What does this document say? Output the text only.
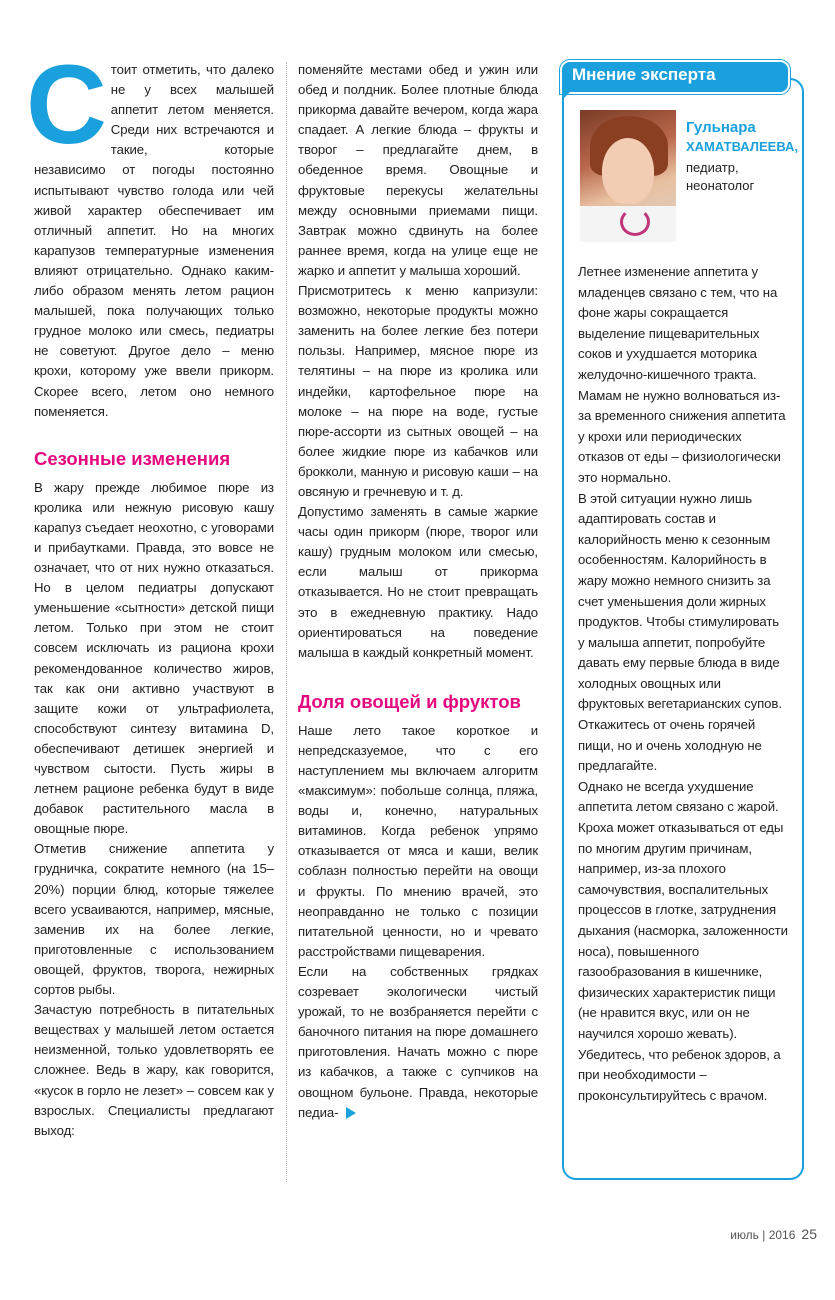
Стоит отметить, что далеко не у всех малышей аппетит летом меняется. Среди них встречаются и такие, которые независимо от погоды постоянно испытывают чувство голода или чей живой характер обеспечивает им отличный аппетит. Но на многих карапузов температурные изменения влияют отрицательно. Однако каким-либо образом менять летом рацион малышей, пока получающих только грудное молоко или смесь, педиатры не советуют. Другое дело – меню крохи, которому уже ввели прикорм. Скорее всего, летом оно немного поменяется.

Сезонные изменения

В жару прежде любимое пюре из кролика или нежную рисовую кашу карапуз съедает неохотно, с уговорами и прибаутками. Правда, это вовсе не означает, что от них нужно отказаться. Но в целом педиатры допускают уменьшение «сытности» детской пищи летом. Только при этом не стоит совсем исключать из рациона крохи рекомендованное количество жиров, так как они активно участвуют в защите кожи от ультрафиолета, способствуют синтезу витамина D, обеспечивают детишек энергией и чувством сытости. Пусть жиры в летнем рационе ребенка будут в виде добавок растительного масла в овощные пюре.

Отметив снижение аппетита у грудничка, сократите немного (на 15–20%) порции блюд, которые тяжелее всего усваиваются, например, мясные, заменив их на более легкие, приготовленные с использованием овощей, фруктов, творога, нежирных сортов рыбы.

Зачастую потребность в питательных веществах у малышей летом остается неизменной, только удовлетворять ее сложнее. Ведь в жару, как говорится, «кусок в горло не лезет» – совсем как у взрослых. Специалисты предлагают выход:

поменяйте местами обед и ужин или обед и полдник. Более плотные блюда прикорма давайте вечером, когда жара спадает. А легкие блюда – фрукты и творог – предлагайте днем, в обеденное время. Овощные и фруктовые перекусы желательны между основными приемами пищи. Завтрак можно сдвинуть на более раннее время, когда на улице еще не жарко и аппетит у малыша хороший.

Присмотритесь к меню капризули: возможно, некоторые продукты можно заменить на более легкие без потери пользы. Например, мясное пюре из телятины – на пюре из кролика или индейки, картофельное пюре на молоке – на пюре на воде, густые пюре-ассорти из сытных овощей – на более жидкие пюре из кабачков или брокколи, манную и рисовую каши – на овсяную и гречневую и т. д.

Допустимо заменять в самые жаркие часы один прикорм (пюре, творог или кашу) грудным молоком или смесью, если малыш от прикорма отказывается. Но не стоит превращать это в ежедневную практику. Надо ориентироваться на поведение малыша в каждый конкретный момент.

Доля овощей и фруктов

Наше лето такое короткое и непредсказуемое, что с его наступлением мы включаем алгоритм «максимум»: побольше солнца, пляжа, воды и, конечно, натуральных витаминов. Когда ребенок упрямо отказывается от мяса и каши, велик соблазн полностью перейти на овощи и фрукты. По мнению врачей, это неоправданно не только с позиции питательной ценности, но и чревато расстройствами пищеварения.

Если на собственных грядках созревает экологически чистый урожай, то не возбраняется перейти с баночного питания на пюре домашнего приготовления. Начать можно с пюре из кабачков, а также с супчиков на овощном бульоне. Правда, некоторые педиа-

Мнение эксперта
Гульнара
ХАМАТВАЛЕЕВА,
педиатр,
неонатолог

Летнее изменение аппетита у младенцев связано с тем, что на фоне жары сокращается выделение пищеварительных соков и ухудшается моторика желудочно-кишечного тракта. Мамам не нужно волноваться из-за временного снижения аппетита у крохи или периодических отказов от еды – физиологически это нормально.

В этой ситуации нужно лишь адаптировать состав и калорийность меню к сезонным особенностям. Калорийность в жару можно немного снизить за счет уменьшения доли жирных продуктов. Чтобы стимулировать у малыша аппетит, попробуйте давать ему первые блюда в виде холодных овощных или фруктовых вегетарианских супов. Откажитесь от очень горячей пищи, но и очень холодную не предлагайте.

Однако не всегда ухудшение аппетита летом связано с жарой. Кроха может отказываться от еды по многим другим причинам, например, из-за плохого самочувствия, воспалительных процессов в глотке, затруднения дыхания (насморка, заложенности носа), повышенного газообразования в кишечнике, физических характеристик пищи (не нравится вкус, или он не научился хорошо жевать). Убедитесь, что ребенок здоров, а при необходимости – проконсультируйтесь с врачом.

июль | 2016 25
